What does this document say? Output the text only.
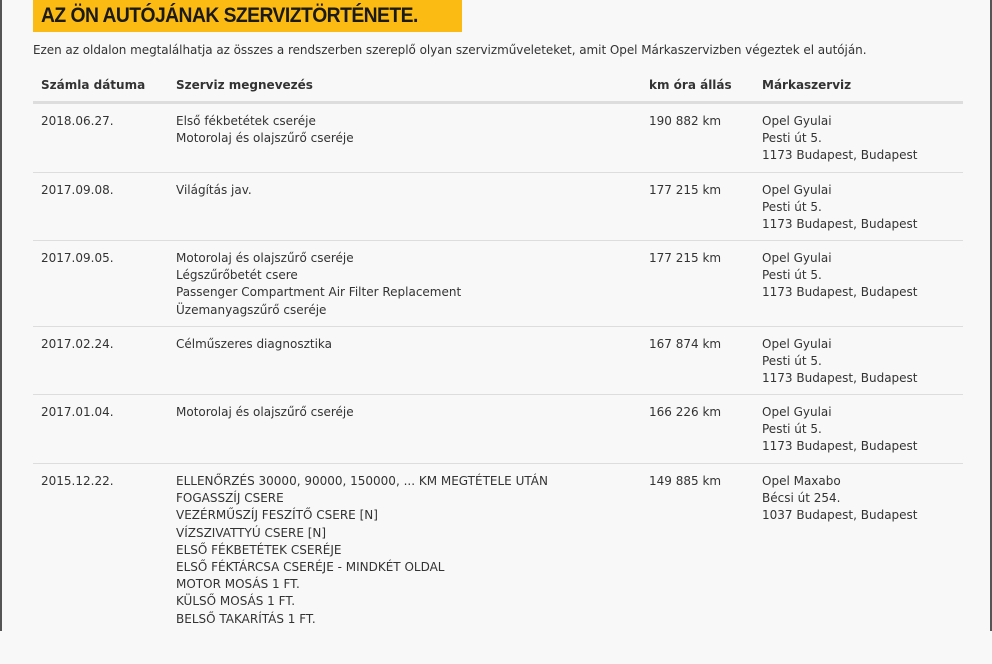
AZ ÖN AUTÓJÁNAK SZERVIZTÖRTÉNETE.
Ezen az oldalon megtalálhatja az összes a rendszerben szereplő olyan szervizműveleteket, amit Opel Márkaszervizben végeztek el autóján.
Számla dátuma	Szerviz megnevezés	km óra állás	Márkaszerviz
2018.06.27.	Első fékbetétek cseréje
Motorolaj és olajszűrő cseréje
190 882 km	Opel Gyulai
Pesti út 5.
1173 Budapest, Budapest
2017.09.08.	Világítás jav.	177 215 km	Opel Gyulai
Pesti út 5.
1173 Budapest, Budapest
2017.09.05.	Motorolaj és olajszűrő cseréje
Légszűrőbetét csere
Passenger Compartment Air Filter Replacement
Üzemanyagszűrő cseréje
177 215 km	Opel Gyulai
Pesti út 5.
1173 Budapest, Budapest
2017.02.24.	Célműszeres diagnosztika	167 874 km	Opel Gyulai
Pesti út 5.
1173 Budapest, Budapest
2017.01.04.	Motorolaj és olajszűrő cseréje	166 226 km	Opel Gyulai
Pesti út 5.
1173 Budapest, Budapest
2015.12.22.	ELLENŐRZÉS 30000, 90000, 150000, ... KM MEGTÉTELE UTÁN
FOGASSZÍJ CSERE
VEZÉRMŰSZÍJ FESZÍTŐ CSERE [N]
VÍZSZIVATTYÚ CSERE [N]
ELSŐ FÉKBETÉTEK CSERÉJE
ELSŐ FÉKTÁRCSA CSERÉJE - MINDKÉT OLDAL
MOTOR MOSÁS 1 FT.
KÜLSŐ MOSÁS 1 FT.
BELSŐ TAKARÍTÁS 1 FT.
149 885 km	Opel Maxabo
Bécsi út 254.
1037 Budapest, Budapest
